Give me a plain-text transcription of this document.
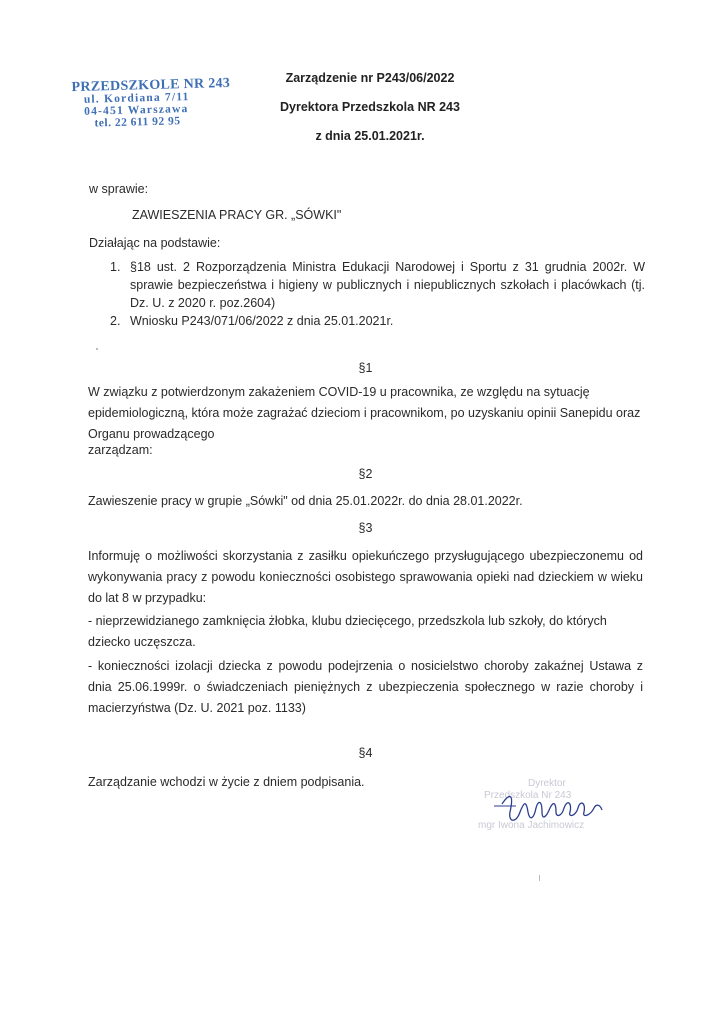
PRZEDSZKOLE NR 243
ul. Kordiana 7/11
04-451 Warszawa
tel. 22 611 92 95
Zarządzenie nr P243/06/2022
Dyrektora Przedszkola NR 243
z dnia 25.01.2021r.
w sprawie:
ZAWIESZENIA PRACY GR. „SÓWKI"
Działając na podstawie:
1. §18 ust. 2 Rozporządzenia Ministra Edukacji Narodowej i Sportu z 31 grudnia 2002r. W sprawie bezpieczeństwa i higieny w publicznych i niepublicznych szkołach i placówkach (tj. Dz. U. z 2020 r. poz.2604)
2. Wniosku P243/071/06/2022 z dnia 25.01.2021r.
§1
W związku z potwierdzonym zakażeniem COVID-19 u pracownika, ze względu na sytuację epidemiologiczną, która może zagrażać dzieciom i pracownikom, po uzyskaniu opinii Sanepidu oraz Organu prowadzącego
zarządzam:
§2
Zawieszenie pracy w grupie „Sówki" od dnia 25.01.2022r. do dnia 28.01.2022r.
§3
Informuję o możliwości skorzystania z zasiłku opiekuńczego przysługującego ubezpieczonemu od wykonywania pracy z powodu konieczności osobistego sprawowania opieki nad dzieckiem w wieku do lat 8 w przypadku:
- nieprzewidzianego zamknięcia żłobka, klubu dziecięcego, przedszkola lub szkoły, do których dziecko uczęszcza.
- konieczności izolacji dziecka z powodu podejrzenia o nosicielstwo choroby zakaźnej Ustawa z dnia 25.06.1999r. o świadczeniach pieniężnych z ubezpieczenia społecznego w razie choroby i macierzyństwa (Dz. U. 2021 poz. 1133)
§4
Zarządzanie wchodzi w życie z dniem podpisania.	Dyrektor
Przedszkola Nr 243
mgr Iwona Jachimowicz
